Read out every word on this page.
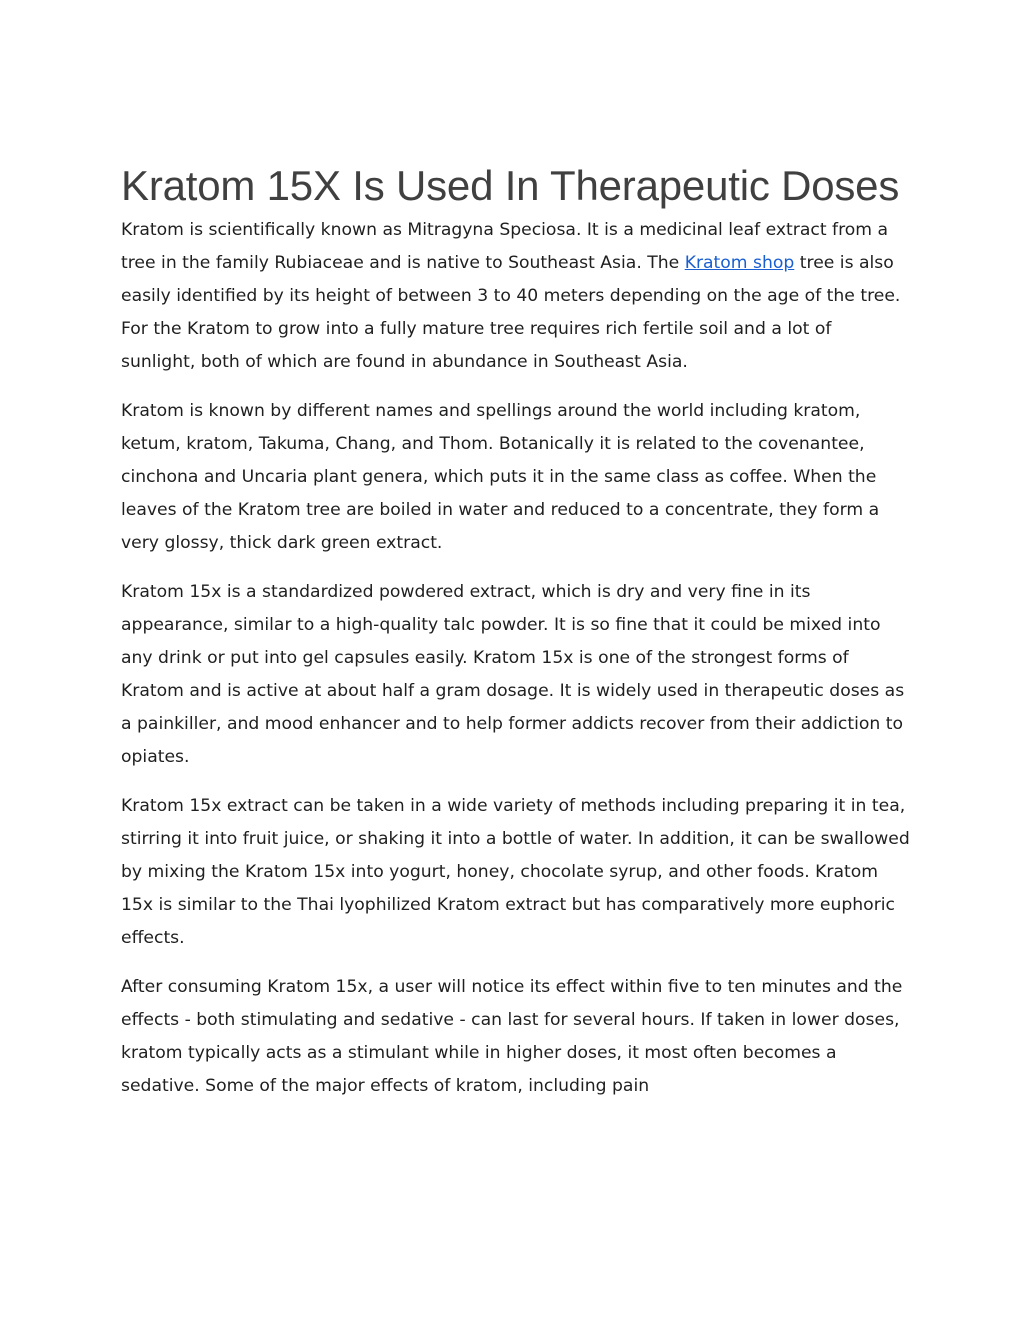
Kratom 15X Is Used In Therapeutic Doses

Kratom is scientifically known as Mitragyna Speciosa. It is a medicinal leaf extract from a tree in the family Rubiaceae and is native to Southeast Asia. The Kratom shop tree is also easily identified by its height of between 3 to 40 meters depending on the age of the tree. For the Kratom to grow into a fully mature tree requires rich fertile soil and a lot of sunlight, both of which are found in abundance in Southeast Asia.

Kratom is known by different names and spellings around the world including kratom, ketum, kratom, Takuma, Chang, and Thom. Botanically it is related to the covenantee, cinchona and Uncaria plant genera, which puts it in the same class as coffee. When the leaves of the Kratom tree are boiled in water and reduced to a concentrate, they form a very glossy, thick dark green extract.

Kratom 15x is a standardized powdered extract, which is dry and very fine in its appearance, similar to a high-quality talc powder. It is so fine that it could be mixed into any drink or put into gel capsules easily. Kratom 15x is one of the strongest forms of Kratom and is active at about half a gram dosage. It is widely used in therapeutic doses as a painkiller, and mood enhancer and to help former addicts recover from their addiction to opiates.

Kratom 15x extract can be taken in a wide variety of methods including preparing it in tea, stirring it into fruit juice, or shaking it into a bottle of water. In addition, it can be swallowed by mixing the Kratom 15x into yogurt, honey, chocolate syrup, and other foods. Kratom 15x is similar to the Thai lyophilized Kratom extract but has comparatively more euphoric effects.

After consuming Kratom 15x, a user will notice its effect within five to ten minutes and the effects - both stimulating and sedative - can last for several hours. If taken in lower doses, kratom typically acts as a stimulant while in higher doses, it most often becomes a sedative. Some of the major effects of kratom, including pain
